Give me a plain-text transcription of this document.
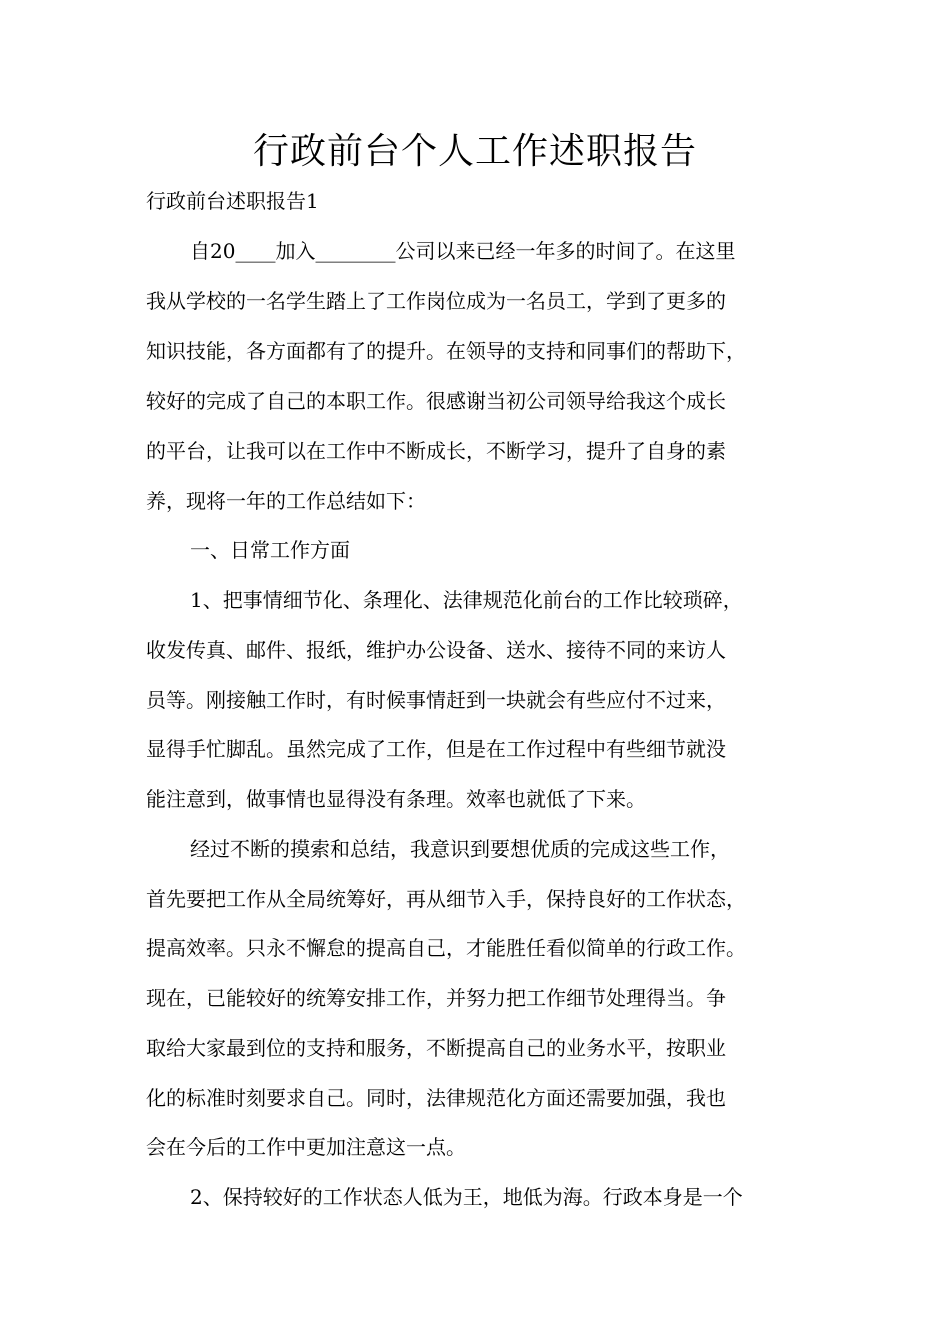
行政前台个人工作述职报告
行政前台述职报告1
自20____加入________公司以来已经一年多的时间了。在这里
我从学校的一名学生踏上了工作岗位成为一名员工，学到了更多的
知识技能，各方面都有了的提升。在领导的支持和同事们的帮助下，
较好的完成了自己的本职工作。很感谢当初公司领导给我这个成长
的平台，让我可以在工作中不断成长，不断学习，提升了自身的素
养，现将一年的工作总结如下：
一、日常工作方面
1、把事情细节化、条理化、法律规范化前台的工作比较琐碎，
收发传真、邮件、报纸，维护办公设备、送水、接待不同的来访人
员等。刚接触工作时，有时候事情赶到一块就会有些应付不过来，
显得手忙脚乱。虽然完成了工作，但是在工作过程中有些细节就没
能注意到，做事情也显得没有条理。效率也就低了下来。
经过不断的摸索和总结，我意识到要想优质的完成这些工作，
首先要把工作从全局统筹好，再从细节入手，保持良好的工作状态，
提高效率。只永不懈怠的提高自己，才能胜任看似简单的行政工作。
现在，已能较好的统筹安排工作，并努力把工作细节处理得当。争
取给大家最到位的支持和服务，不断提高自己的业务水平，按职业
化的标准时刻要求自己。同时，法律规范化方面还需要加强，我也
会在今后的工作中更加注意这一点。
2、保持较好的工作状态人低为王，地低为海。行政本身是一个
